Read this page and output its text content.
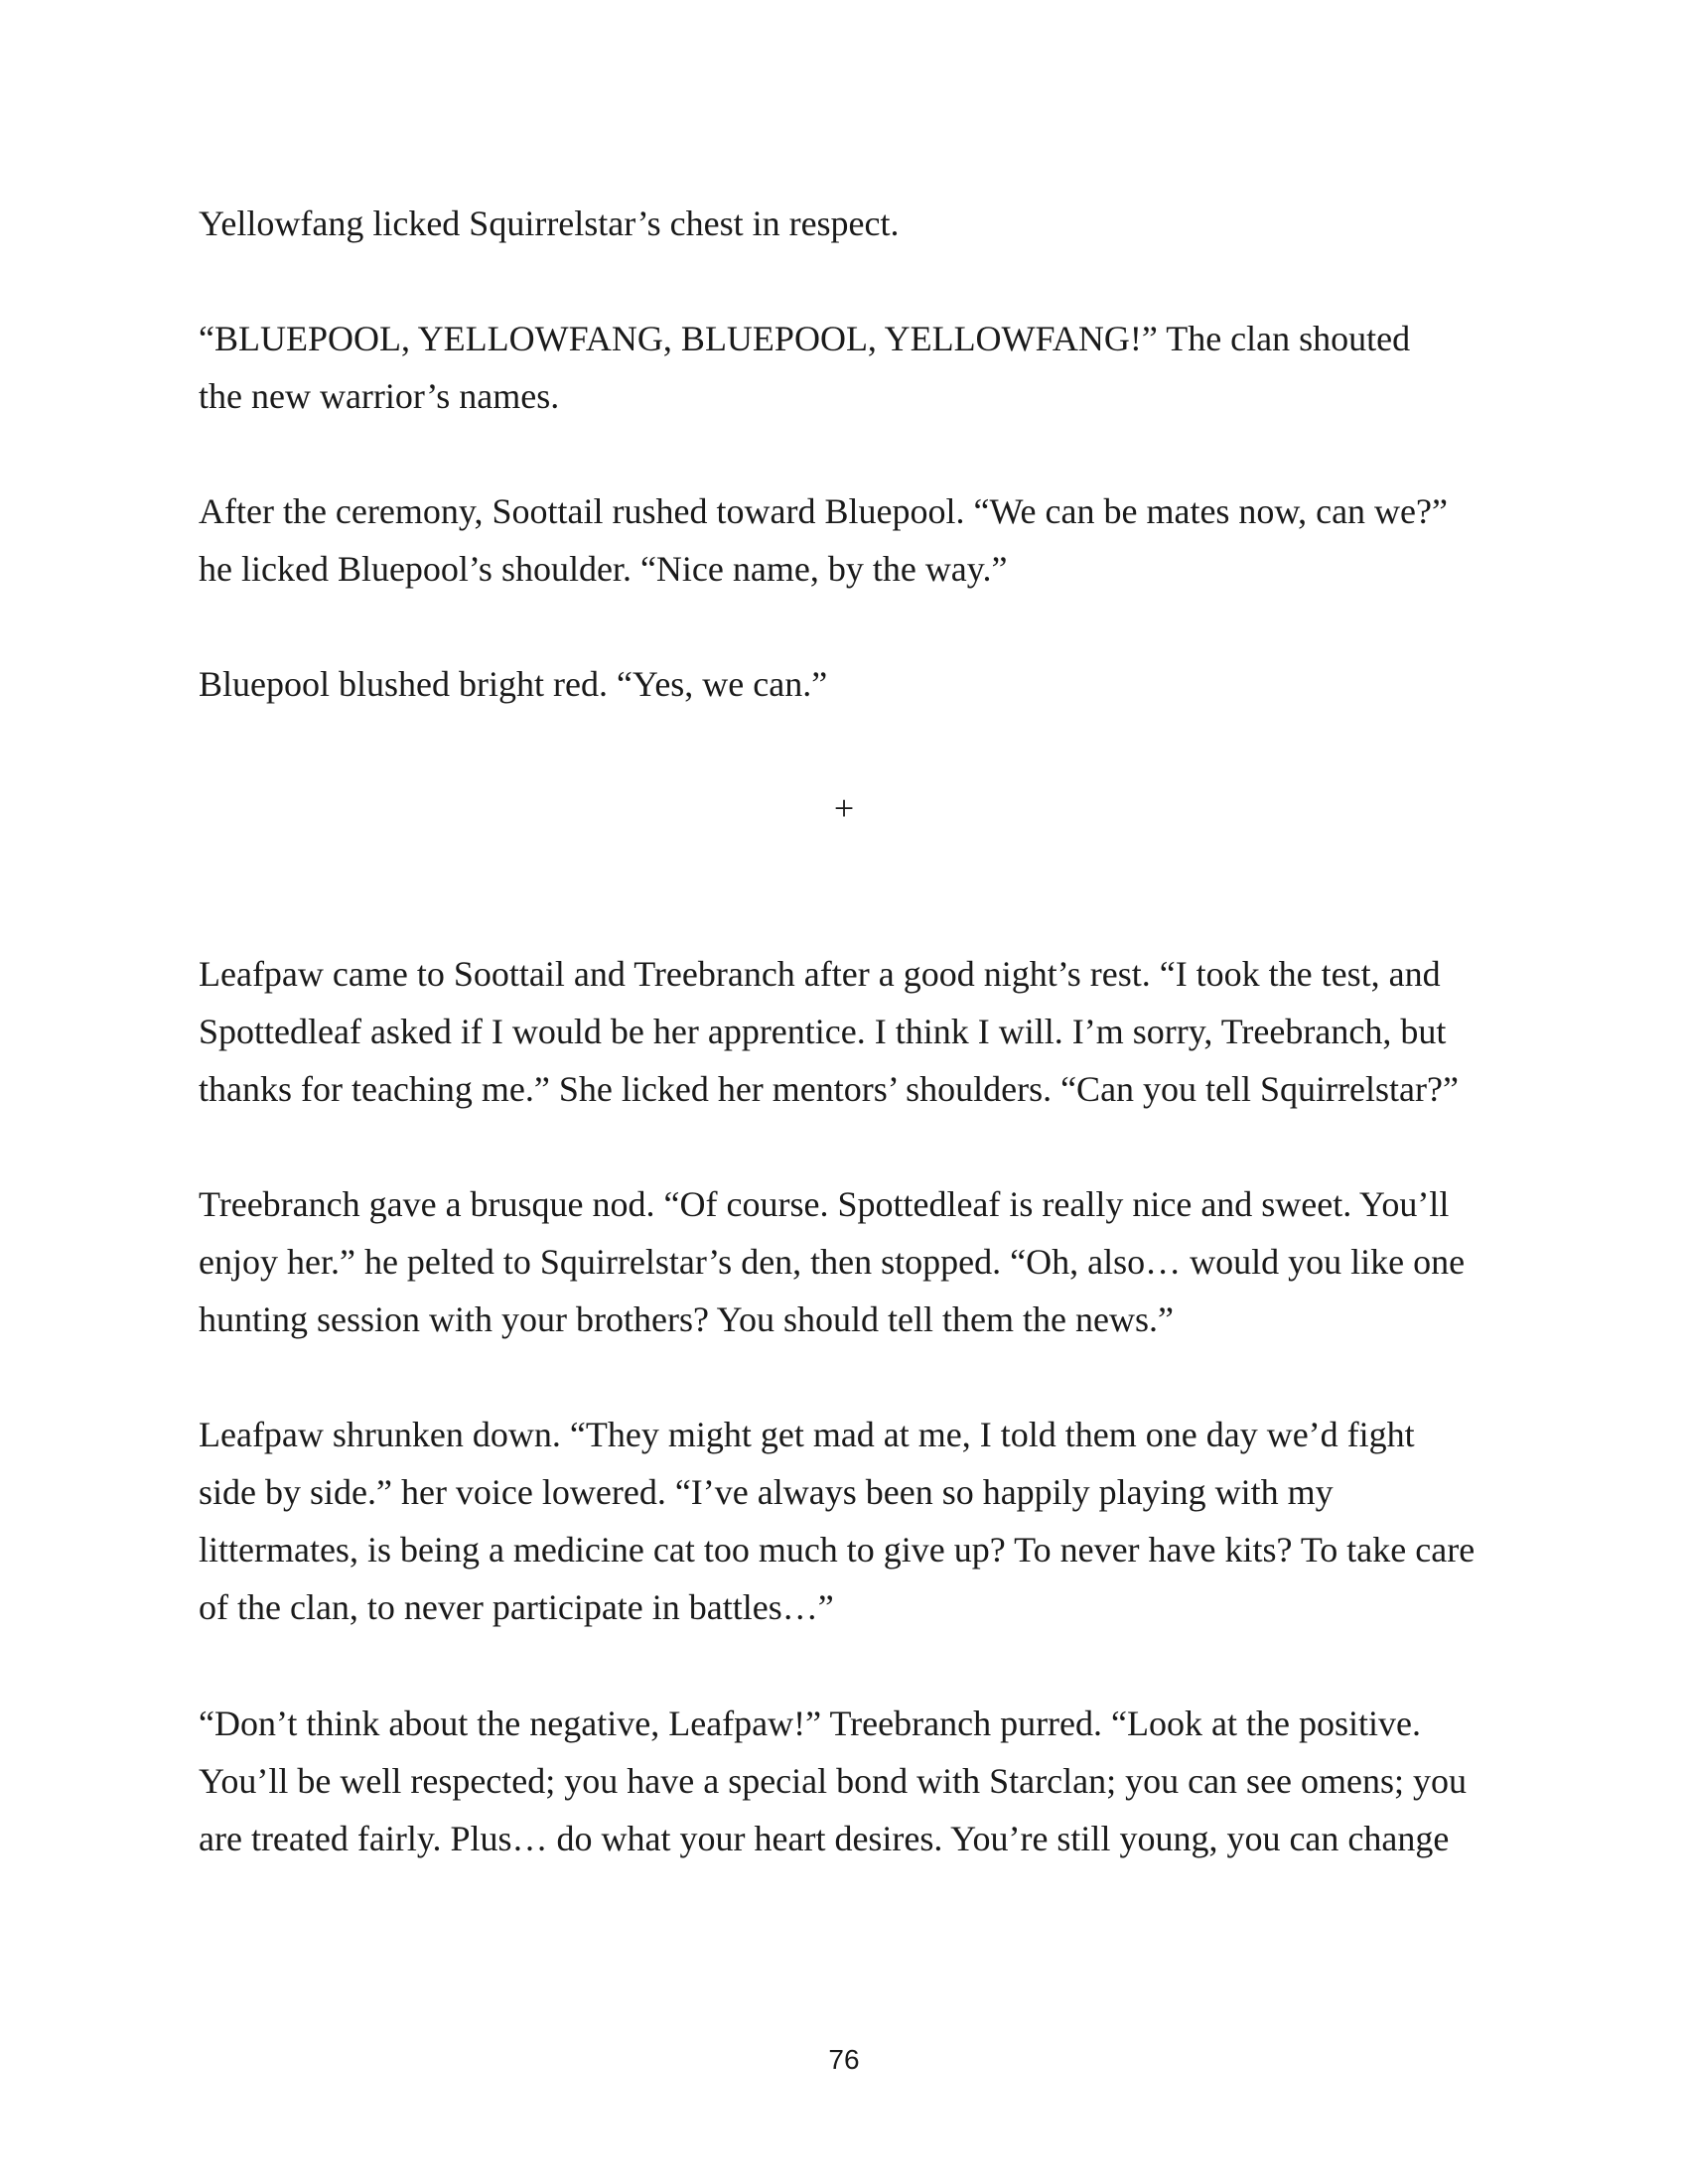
Yellowfang licked Squirrelstar’s chest in respect.

“BLUEPOOL, YELLOWFANG, BLUEPOOL, YELLOWFANG!” The clan shouted
the new warrior’s names.

After the ceremony, Soottail rushed toward Bluepool. “We can be mates now, can we?”
he licked Bluepool’s shoulder. “Nice name, by the way.”

Bluepool blushed bright red. “Yes, we can.”

+

Leafpaw came to Soottail and Treebranch after a good night’s rest. “I took the test, and
Spottedleaf asked if I would be her apprentice. I think I will. I’m sorry, Treebranch, but
thanks for teaching me.” She licked her mentors’ shoulders. “Can you tell Squirrelstar?”

Treebranch gave a brusque nod. “Of course. Spottedleaf is really nice and sweet. You’ll
enjoy her.” he pelted to Squirrelstar’s den, then stopped. “Oh, also… would you like one
hunting session with your brothers? You should tell them the news.”

Leafpaw shrunken down. “They might get mad at me, I told them one day we’d fight
side by side.” her voice lowered. “I’ve always been so happily playing with my
littermates, is being a medicine cat too much to give up? To never have kits? To take care
of the clan, to never participate in battles…”

“Don’t think about the negative, Leafpaw!” Treebranch purred. “Look at the positive.
You’ll be well respected; you have a special bond with Starclan; you can see omens; you
are treated fairly. Plus… do what your heart desires. You’re still young, you can change

76
